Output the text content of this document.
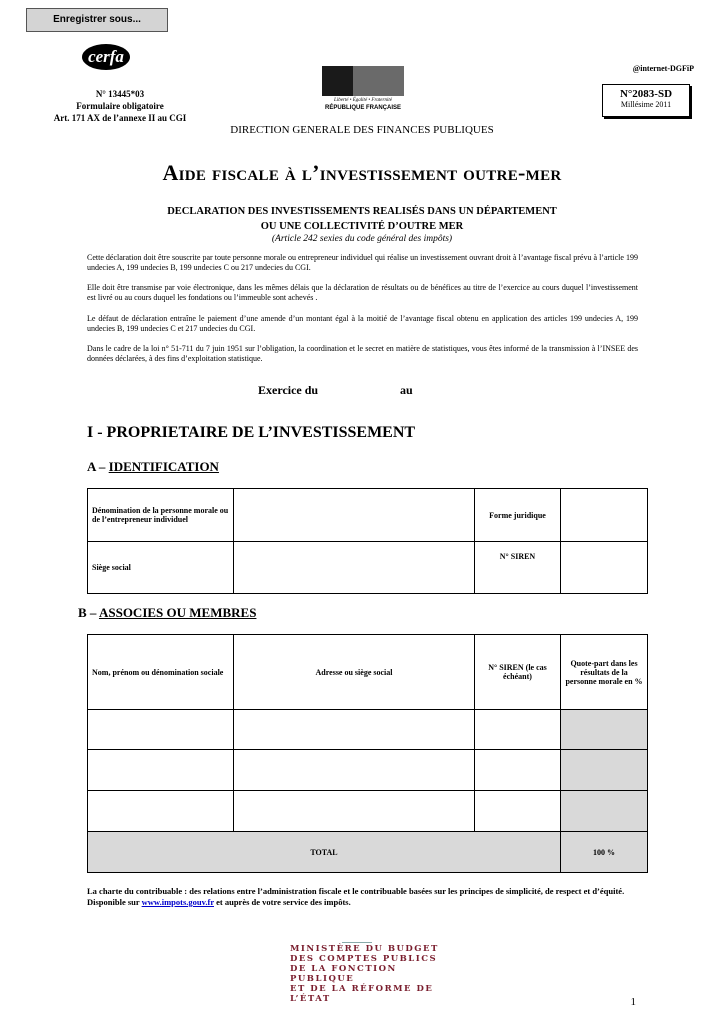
Enregistrer sous...
cerfa
N° 13445*03
Formulaire obligatoire
Art. 171 AX de l’annexe II au CGI
Liberté • Égalité • Fraternité
RÉPUBLIQUE FRANÇAISE
@internet-DGFiP
N°2083-SD
Millésime 2011
DIRECTION GENERALE DES FINANCES PUBLIQUES
Aide fiscale à l’investissement outre-mer
DECLARATION DES INVESTISSEMENTS REALISÉS DANS UN DÉPARTEMENT
OU UNE COLLECTIVITÉ D’OUTRE MER
(Article 242 sexies du code général des impôts)
Cette déclaration doit être souscrite par toute personne morale ou entrepreneur individuel qui réalise un investissement ouvrant droit à l’avantage fiscal prévu à l’article 199 undecies A, 199 undecies B, 199 undecies C ou 217 undecies du CGI.
Elle doit être transmise par voie électronique, dans les mêmes délais que la déclaration de résultats ou de bénéfices au titre de l’exercice au cours duquel l’investissement est livré ou au cours duquel les fondations ou l’immeuble sont achevés .
Le défaut de déclaration entraîne le paiement d’une amende d’un montant égal à la moitié de l’avantage fiscal obtenu en application des articles 199 undecies A, 199 undecies B, 199 undecies C et 217 undecies du CGI.
Dans le cadre de la loi n° 51-711 du 7 juin 1951 sur l’obligation, la coordination et le secret en matière de statistiques, vous êtes informé de la transmission à l’INSEE des données déclarées, à des fins d’exploitation statistique.
Exercice du	au
I - PROPRIETAIRE DE L’INVESTISSEMENT
A – IDENTIFICATION
Dénomination de la personne morale ou de l’entrepreneur individuel		Forme juridique	
Siège social		N° SIREN	
B – ASSOCIES OU MEMBRES
Nom, prénom ou dénomination sociale	Adresse ou siège social	N° SIREN (le cas échéant)	Quote-part dans les résultats de la personne morale en %

TOTAL			100 %
La charte du contribuable : des relations entre l’administration fiscale et le contribuable basées sur les principes de simplicité, de respect et d’équité. Disponible sur www.impots.gouv.fr et auprès de votre service des impôts.
MINISTÈRE DU BUDGET
DES COMPTES PUBLICS
DE LA FONCTION PUBLIQUE
ET DE LA RÉFORME DE L’ÉTAT	1
